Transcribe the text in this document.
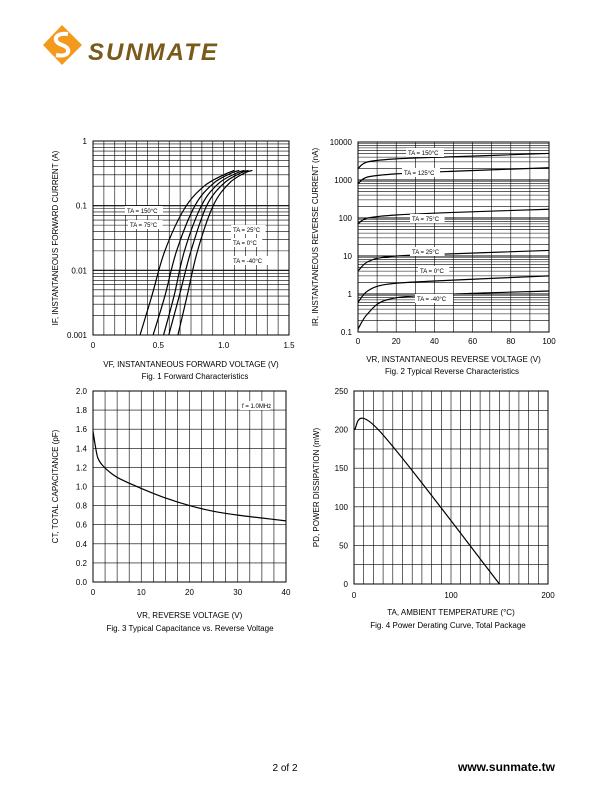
SUNMATE
0	0.5	1.0	1.5
0.001
0.01
0.1
1
VF, INSTANTANEOUS FORWARD VOLTAGE (V)
IF, INSTANTANEOUS FORWARD CURRENT (A)
0	20	40	60	80	100
0.1
1
10
100
1000
10000
VR, INSTANTANEOUS REVERSE VOLTAGE (V)
IR, INSTANTANEOUS REVERSE CURRENT (nA)
0	10	20	30	40
0.0
0.2
0.4
0.6
0.8
1.0
1.2
1.4
1.6
1.8
2.0
VR, REVERSE VOLTAGE (V)
CT, TOTAL CAPACITANCE (pF)
0	100	200
0
50
100
150
200
250
TA, AMBIENT TEMPERATURE (°C)
PD, POWER DISSIPATION (mW)
TA = 150°C
TA = 75°C
TA = 25°C
TA = 0°C
TA = -40°C
TA = 150°C
TA = 125°C
TA = 75°C
TA = 25°C
TA = 0°C
TA = -40°C
f = 1.0MHz
Fig. 1 Forward Characteristics
Fig. 2 Typical Reverse Characteristics
Fig. 3 Typical Capacitance vs. Reverse Voltage	Fig. 4 Power Derating Curve, Total Package
2 of 2	www.sunmate.tw
